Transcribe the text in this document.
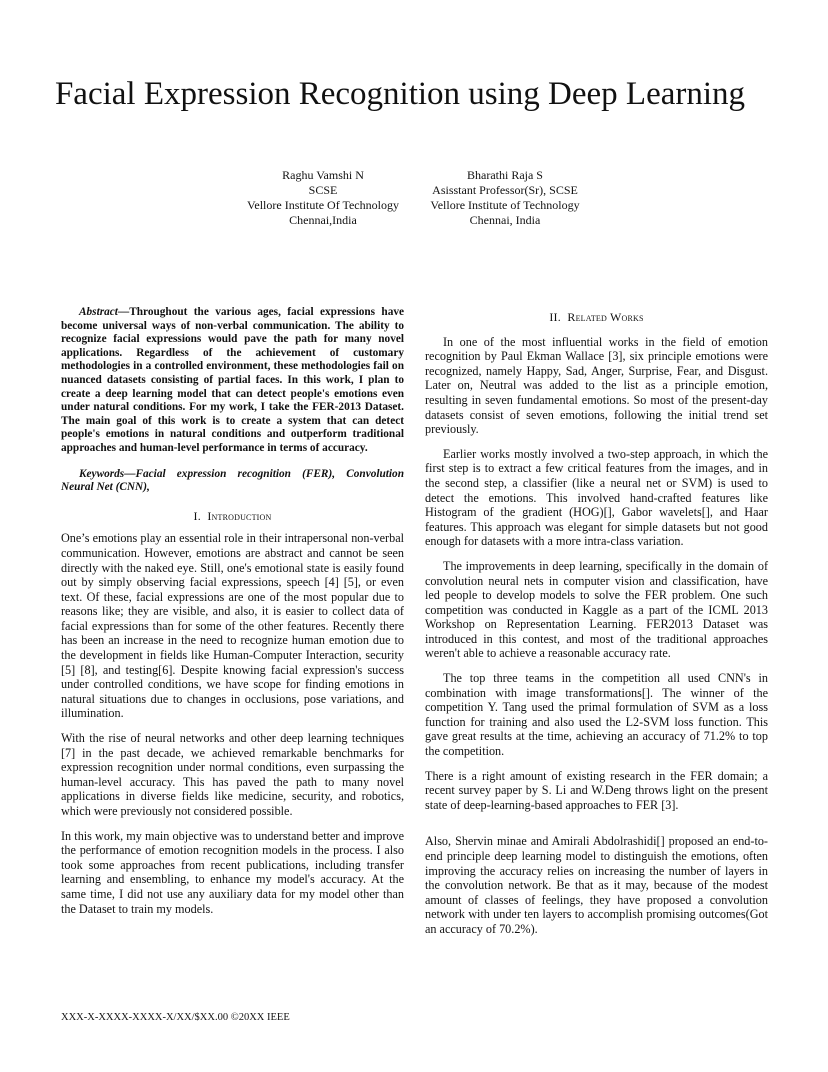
Facial Expression Recognition using Deep Learning
Raghu Vamshi N
SCSE
Vellore Institute Of Technology
Chennai,India
Bharathi Raja S
Asisstant Professor(Sr), SCSE
Vellore Institute of Technology
Chennai, India

Abstract—Throughout the various ages, facial expressions have become universal ways of non-verbal communication. The ability to recognize facial expressions would pave the path for many novel applications. Regardless of the achievement of customary methodologies in a controlled environment, these methodologies fail on nuanced datasets consisting of partial faces. In this work, I plan to create a deep learning model that can detect people's emotions even under natural conditions. For my work, I take the FER-2013 Dataset. The main goal of this work is to create a system that can detect people's emotions in natural conditions and outperform traditional approaches and human-level performance in terms of accuracy.

Keywords—Facial expression recognition (FER), Convolution Neural Net (CNN),

I. Introduction

One’s emotions play an essential role in their intrapersonal non-verbal communication. However, emotions are abstract and cannot be seen directly with the naked eye. Still, one's emotional state is easily found out by simply observing facial expressions, speech [4] [5], or even text. Of these, facial expressions are one of the most popular due to reasons like; they are visible, and also, it is easier to collect data of facial expressions than for some of the other features. Recently there has been an increase in the need to recognize human emotion due to the development in fields like Human-Computer Interaction, security [5] [8], and testing[6]. Despite knowing facial expression's success under controlled conditions, we have scope for finding emotions in natural situations due to changes in occlusions, pose variations, and illumination.

With the rise of neural networks and other deep learning techniques [7] in the past decade, we achieved remarkable benchmarks for expression recognition under normal conditions, even surpassing the human-level accuracy. This has paved the path to many novel applications in diverse fields like medicine, security, and robotics, which were previously not considered possible.

In this work, my main objective was to understand better and improve the performance of emotion recognition models in the process. I also took some approaches from recent publications, including transfer learning and ensembling, to enhance my model's accuracy. At the same time, I did not use any auxiliary data for my model other than the Dataset to train my models.

II. Related Works

In one of the most influential works in the field of emotion recognition by Paul Ekman Wallace [3], six principle emotions were recognized, namely Happy, Sad, Anger, Surprise, Fear, and Disgust. Later on, Neutral was added to the list as a principle emotion, resulting in seven fundamental emotions. So most of the present-day datasets consist of seven emotions, following the initial trend set previously.

Earlier works mostly involved a two-step approach, in which the first step is to extract a few critical features from the images, and in the second step, a classifier (like a neural net or SVM) is used to detect the emotions. This involved hand-crafted features like Histogram of the gradient (HOG)[], Gabor wavelets[], and Haar features. This approach was elegant for simple datasets but not good enough for datasets with a more intra-class variation.

The improvements in deep learning, specifically in the domain of convolution neural nets in computer vision and classification, have led people to develop models to solve the FER problem. One such competition was conducted in Kaggle as a part of the ICML 2013 Workshop on Representation Learning. FER2013 Dataset was introduced in this contest, and most of the traditional approaches weren't able to achieve a reasonable accuracy rate.

The top three teams in the competition all used CNN's in combination with image transformations[]. The winner of the competition Y. Tang used the primal formulation of SVM as a loss function for training and also used the L2-SVM loss function. This gave great results at the time, achieving an accuracy of 71.2% to top the competition.

There is a right amount of existing research in the FER domain; a recent survey paper by S. Li and W.Deng throws light on the present state of deep-learning-based approaches to FER [3].

Also, Shervin minae and Amirali Abdolrashidi[] proposed an end-to-end principle deep learning model to distinguish the emotions, often improving the accuracy relies on increasing the number of layers in the convolution network. Be that as it may, because of the modest amount of classes of feelings, they have proposed a convolution network with under ten layers to accomplish promising outcomes(Got an accuracy of 70.2%).

XXX-X-XXXX-XXXX-X/XX/$XX.00 ©20XX IEEE
